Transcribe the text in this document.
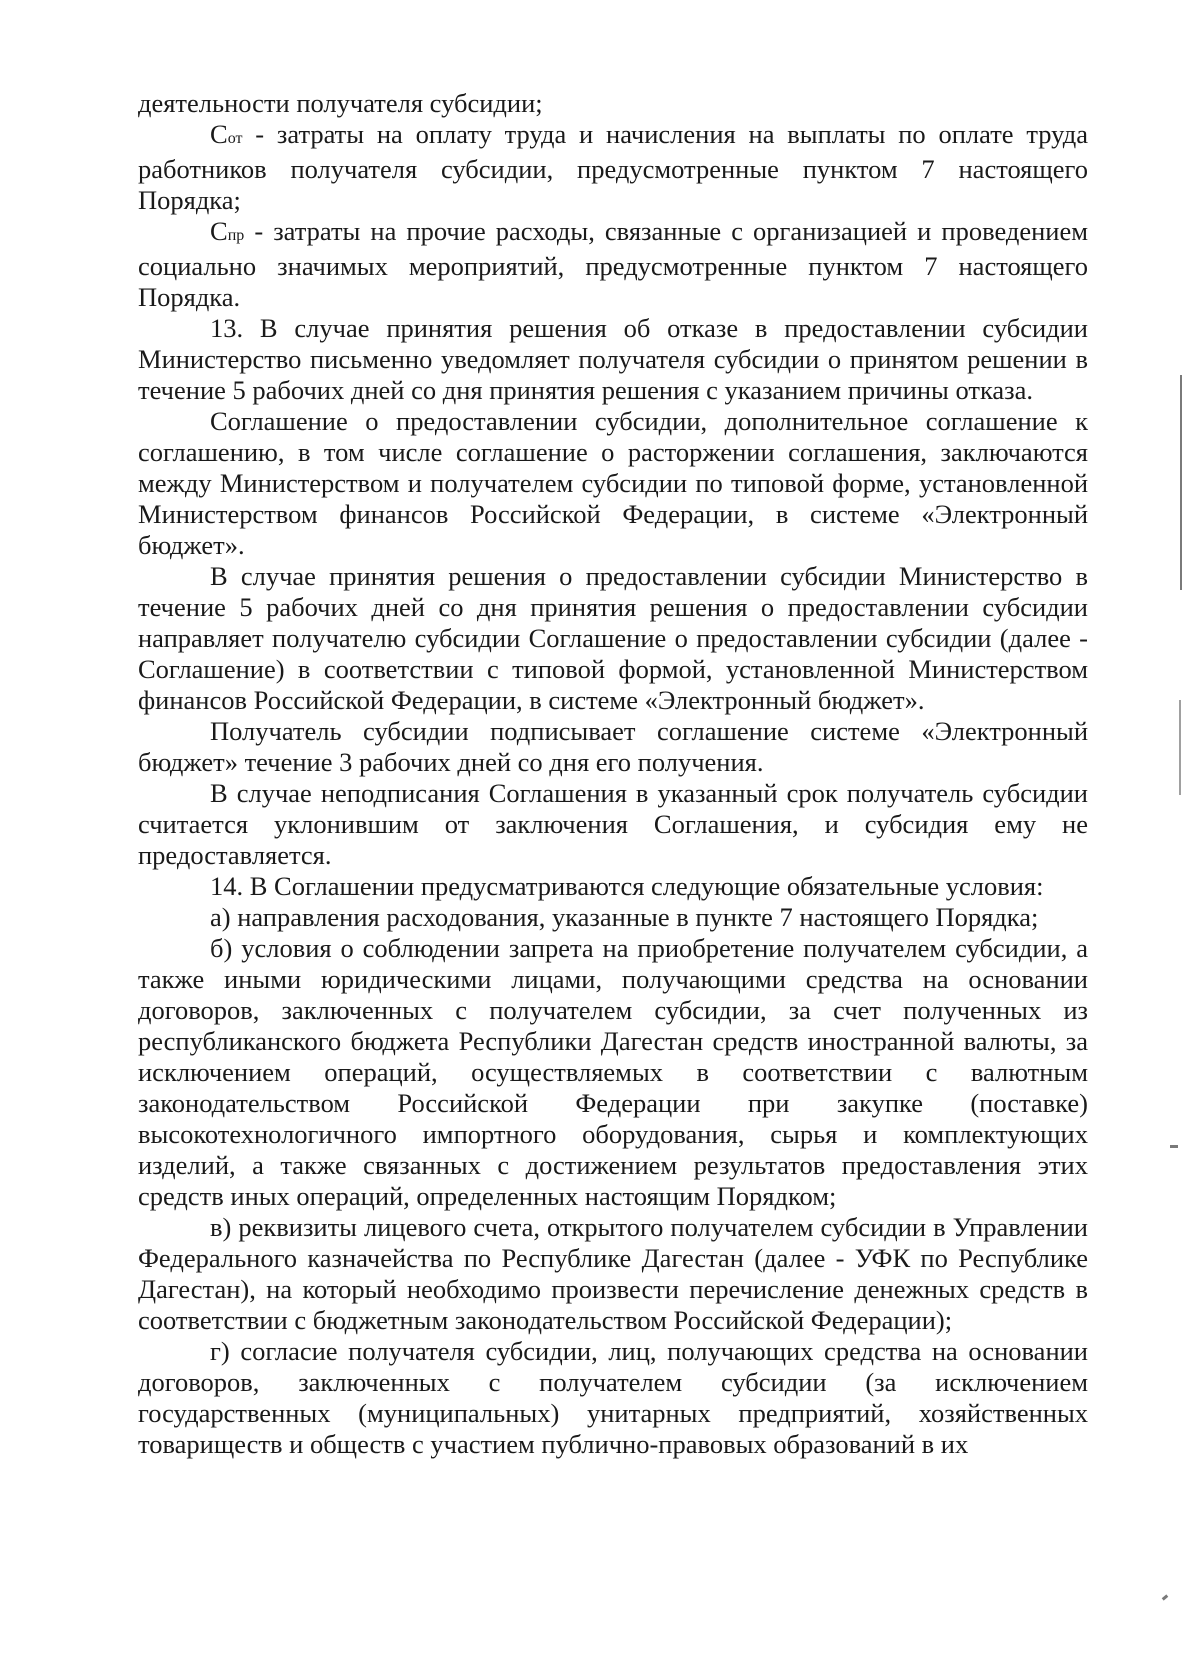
деятельности получателя субсидии;

Сот - затраты на оплату труда и начисления на выплаты по оплате труда работников получателя субсидии, предусмотренные пунктом 7 настоящего Порядка;

Спр - затраты на прочие расходы, связанные с организацией и проведением социально значимых мероприятий, предусмотренные пунктом 7 настоящего Порядка.

13. В случае принятия решения об отказе в предоставлении субсидии Министерство письменно уведомляет получателя субсидии о принятом решении в течение 5 рабочих дней со дня принятия решения с указанием причины отказа.

Соглашение о предоставлении субсидии, дополнительное соглашение к соглашению, в том числе соглашение о расторжении соглашения, заключаются между Министерством и получателем субсидии по типовой форме, установленной Министерством финансов Российской Федерации, в системе «Электронный бюджет».

В случае принятия решения о предоставлении субсидии Министерство в течение 5 рабочих дней со дня принятия решения о предоставлении субсидии направляет получателю субсидии Соглашение о предоставлении субсидии (далее - Соглашение) в соответствии с типовой формой, установленной Министерством финансов Российской Федерации, в системе «Электронный бюджет».

Получатель субсидии подписывает соглашение системе «Электронный бюджет» течение 3 рабочих дней со дня его получения.

В случае неподписания Соглашения в указанный срок получатель субсидии считается уклонившим от заключения Соглашения, и субсидия ему не предоставляется.

14. В Соглашении предусматриваются следующие обязательные условия:

а) направления расходования, указанные в пункте 7 настоящего Порядка;

б) условия о соблюдении запрета на приобретение получателем субсидии, а также иными юридическими лицами, получающими средства на основании договоров, заключенных с получателем субсидии, за счет полученных из республиканского бюджета Республики Дагестан средств иностранной валюты, за исключением операций, осуществляемых в соответствии с валютным законодательством Российской Федерации при закупке (поставке) высокотехнологичного импортного оборудования, сырья и комплектующих изделий, а также связанных с достижением результатов предоставления этих средств иных операций, определенных настоящим Порядком;

в) реквизиты лицевого счета, открытого получателем субсидии в Управлении Федерального казначейства по Республике Дагестан (далее - УФК по Республике Дагестан), на который необходимо произвести перечисление денежных средств в соответствии с бюджетным законодательством Российской Федерации);

г) согласие получателя субсидии, лиц, получающих средства на основании договоров, заключенных с получателем субсидии (за исключением государственных (муниципальных) унитарных предприятий, хозяйственных товариществ и обществ с участием публично-правовых образований в их
